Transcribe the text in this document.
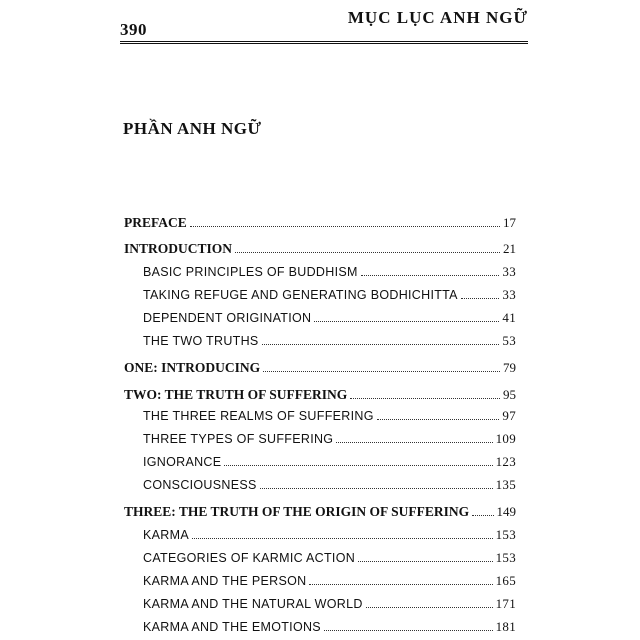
390
MỤC LỤC ANH NGỮ
PHẦN ANH NGỮ
PREFACE	17
INTRODUCTION	21
BASIC PRINCIPLES OF BUDDHISM	33
TAKING REFUGE AND GENERATING BODHICHITTA	33
DEPENDENT ORIGINATION	41
THE TWO TRUTHS	53
ONE: INTRODUCING	79
TWO: THE TRUTH OF SUFFERING	95
THE THREE REALMS OF SUFFERING	97
THREE TYPES OF SUFFERING	109
IGNORANCE	123
CONSCIOUSNESS	135
THREE: THE TRUTH OF THE ORIGIN OF SUFFERING 149
KARMA	153
CATEGORIES OF KARMIC ACTION	153
KARMA AND THE PERSON	165
KARMA AND THE NATURAL WORLD	171
KARMA AND THE EMOTIONS	181
